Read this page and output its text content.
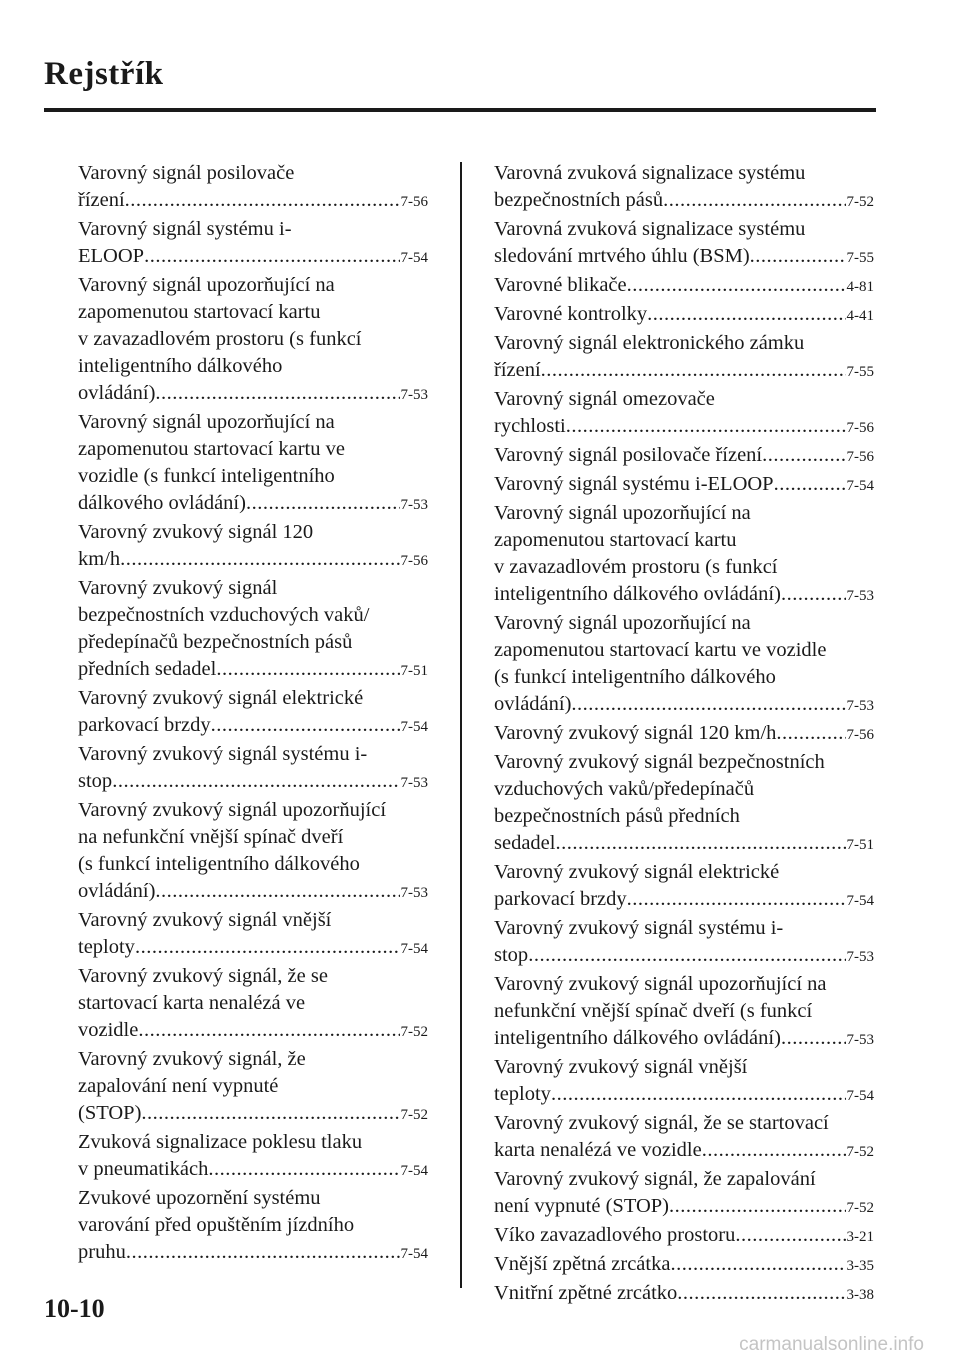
Rejstřík
Varovný signál posilovače
řízení .....	7-56
Varovný signál systému i-
ELOOP .....	7-54
Varovný signál upozorňující na
zapomenutou startovací kartu
v zavazadlovém prostoru (s funkcí
inteligentního dálkového
ovládání) .....	7-53
Varovný signál upozorňující na
zapomenutou startovací kartu ve
vozidle (s funkcí inteligentního
dálkového ovládání) .....	7-53
Varovný zvukový signál 120
km/h .....	7-56
Varovný zvukový signál
bezpečnostních vzduchových vaků/
předepínačů bezpečnostních pásů
předních sedadel .....	7-51
Varovný zvukový signál elektrické
parkovací brzdy .....	7-54
Varovný zvukový signál systému i-
stop .....	7-53
Varovný zvukový signál upozorňující
na nefunkční vnější spínač dveří
(s funkcí inteligentního dálkového
ovládání) .....	7-53
Varovný zvukový signál vnější
teploty .....	7-54
Varovný zvukový signál, že se
startovací karta nenalézá ve
vozidle .....	7-52
Varovný zvukový signál, že
zapalování není vypnuté
(STOP) .....	7-52
Zvuková signalizace poklesu tlaku
v pneumatikách .....	7-54
Zvukové upozornění systému
varování před opuštěním jízdního
pruhu .....	7-54
Varovná zvuková signalizace systému
bezpečnostních pásů .....	7-52
Varovná zvuková signalizace systému
sledování mrtvého úhlu (BSM) .....	7-55
Varovné blikače .....	4-81
Varovné kontrolky .....	4-41
Varovný signál elektronického zámku
řízení .....	7-55
Varovný signál omezovače
rychlosti .....	7-56
Varovný signál posilovače řízení .....	7-56
Varovný signál systému i-ELOOP .....	7-54
Varovný signál upozorňující na
zapomenutou startovací kartu
v zavazadlovém prostoru (s funkcí
inteligentního dálkového ovládání) .....	7-53
Varovný signál upozorňující na
zapomenutou startovací kartu ve vozidle
(s funkcí inteligentního dálkového
ovládání) .....	7-53
Varovný zvukový signál 120 km/h .....	7-56
Varovný zvukový signál bezpečnostních
vzduchových vaků/předepínačů
bezpečnostních pásů předních
sedadel .....	7-51
Varovný zvukový signál elektrické
parkovací brzdy .....	7-54
Varovný zvukový signál systému i-
stop .....	7-53
Varovný zvukový signál upozorňující na
nefunkční vnější spínač dveří (s funkcí
inteligentního dálkového ovládání) .....	7-53
Varovný zvukový signál vnější
teploty .....	7-54
Varovný zvukový signál, že se startovací
karta nenalézá ve vozidle .....	7-52
Varovný zvukový signál, že zapalování
není vypnuté (STOP) .....	7-52
Víko zavazadlového prostoru .....	3-21
Vnější zpětná zrcátka .....	3-35
Vnitřní zpětné zrcátko .....	3-38
10-10
carmanualsonline.info
